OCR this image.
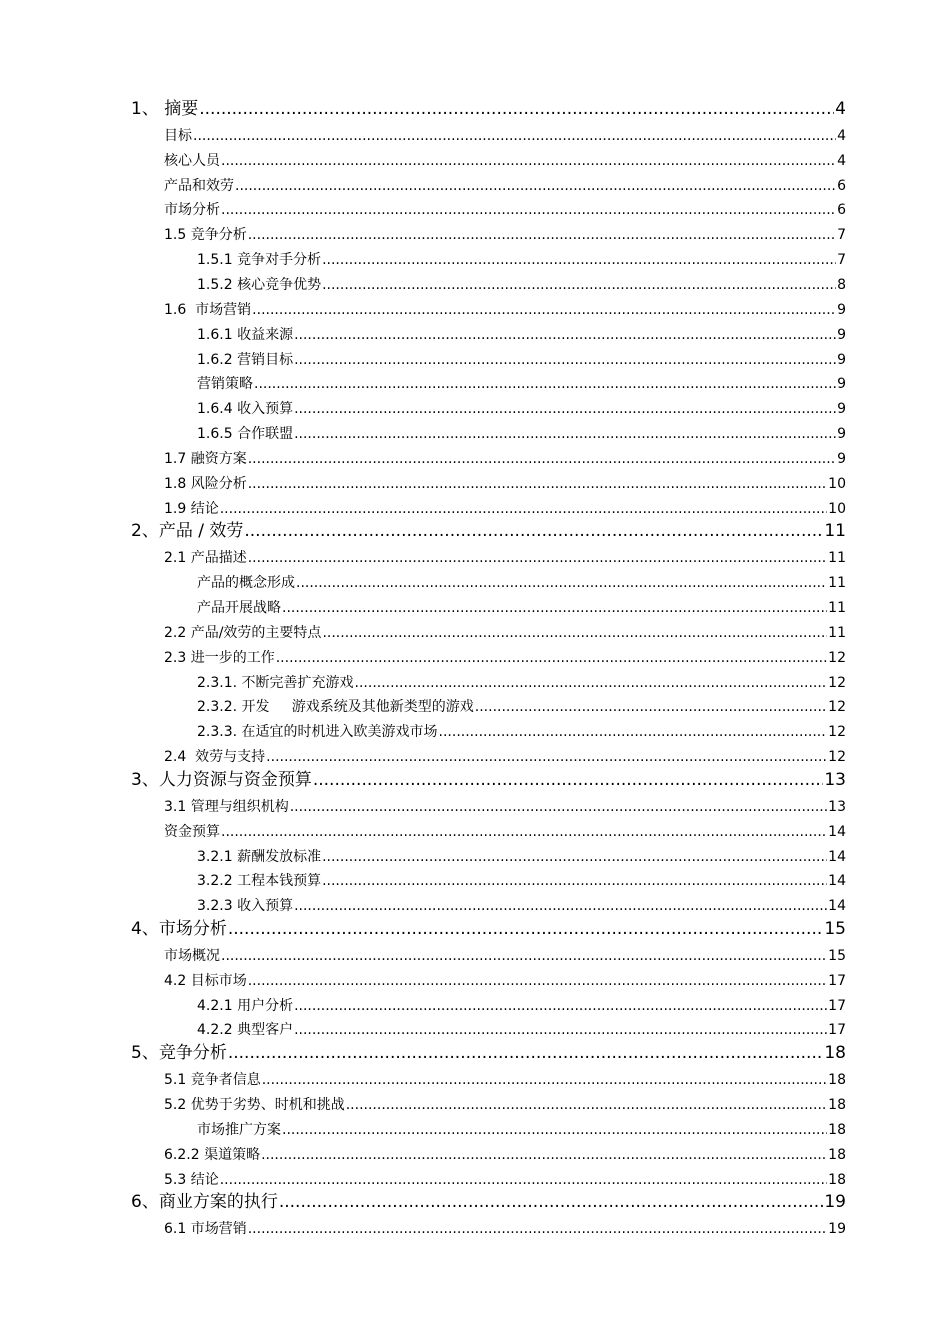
1、 摘要 .....	4
目标 .....	4
核心人员 .....	4
产品和效劳 .....	6
市场分析 .....	6
1.5 竞争分析 .....	7
1.5.1 竞争对手分析 .....	7
1.5.2 核心竞争优势 .....	8
1.6  市场营销 .....	9
1.6.1 收益来源 .....	9
1.6.2 营销目标 .....	9
营销策略 .....	9
1.6.4 收入预算 .....	9
1.6.5 合作联盟 .....	9
1.7 融资方案 .....	9
1.8 风险分析 .....	10
1.9 结论 .....	10
2、产品 / 效劳 .....	11
2.1 产品描述 .....	11
产品的概念形成 .....	11
产品开展战略 .....	11
2.2 产品/效劳的主要特点 .....	11
2.3 进一步的工作 .....	12
2.3.1. 不断完善扩充游戏 .....	12
2.3.2. 开发     游戏系统及其他新类型的游戏 .....	12
2.3.3. 在适宜的时机进入欧美游戏市场 .....	12
2.4  效劳与支持 .....	12
3、人力资源与资金预算 .....	13
3.1 管理与组织机构 .....	13
资金预算 .....	14
3.2.1 薪酬发放标准 .....	14
3.2.2 工程本钱预算 .....	14
3.2.3 收入预算 .....	14
4、市场分析 .....	15
市场概况 .....	15
4.2 目标市场 .....	17
4.2.1 用户分析 .....	17
4.2.2 典型客户 .....	17
5、竞争分析 .....	18
5.1 竞争者信息 .....	18
5.2 优势于劣势、时机和挑战 .....	18
市场推广方案 .....	18
6.2.2 渠道策略 .....	18
5.3 结论 .....	18
6、商业方案的执行 .....	19
6.1 市场营销 .....	19
